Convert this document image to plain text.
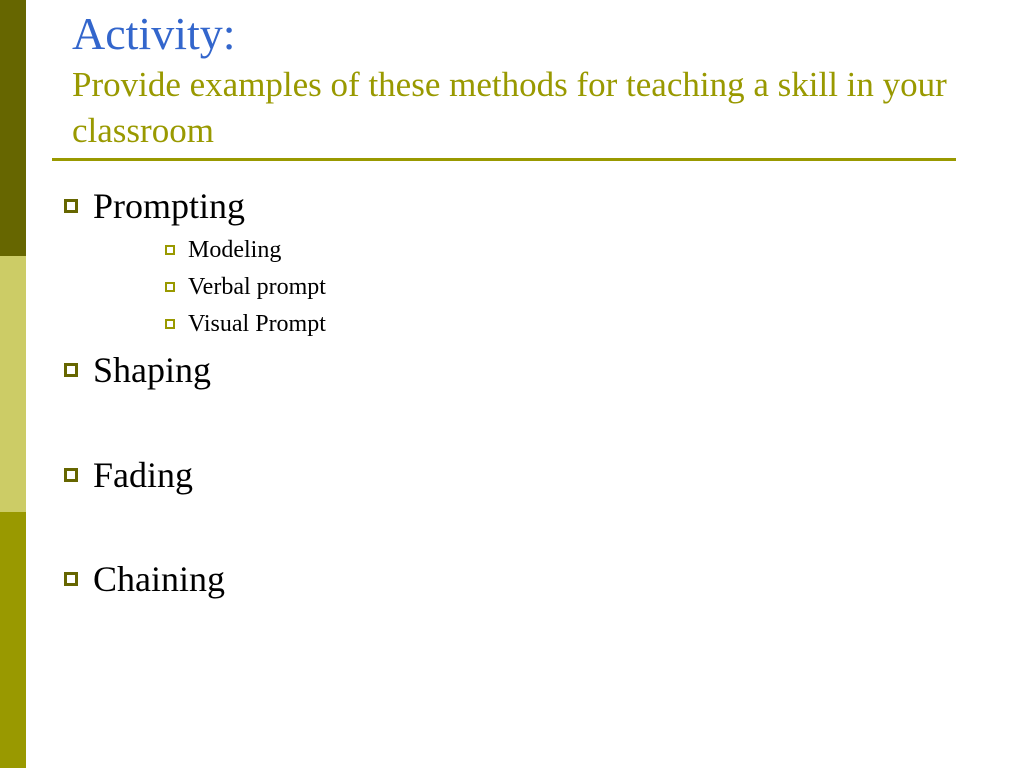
Activity:
Provide examples of these methods for teaching a skill in your classroom
Prompting
Modeling
Verbal prompt
Visual Prompt
Shaping
Fading
Chaining
